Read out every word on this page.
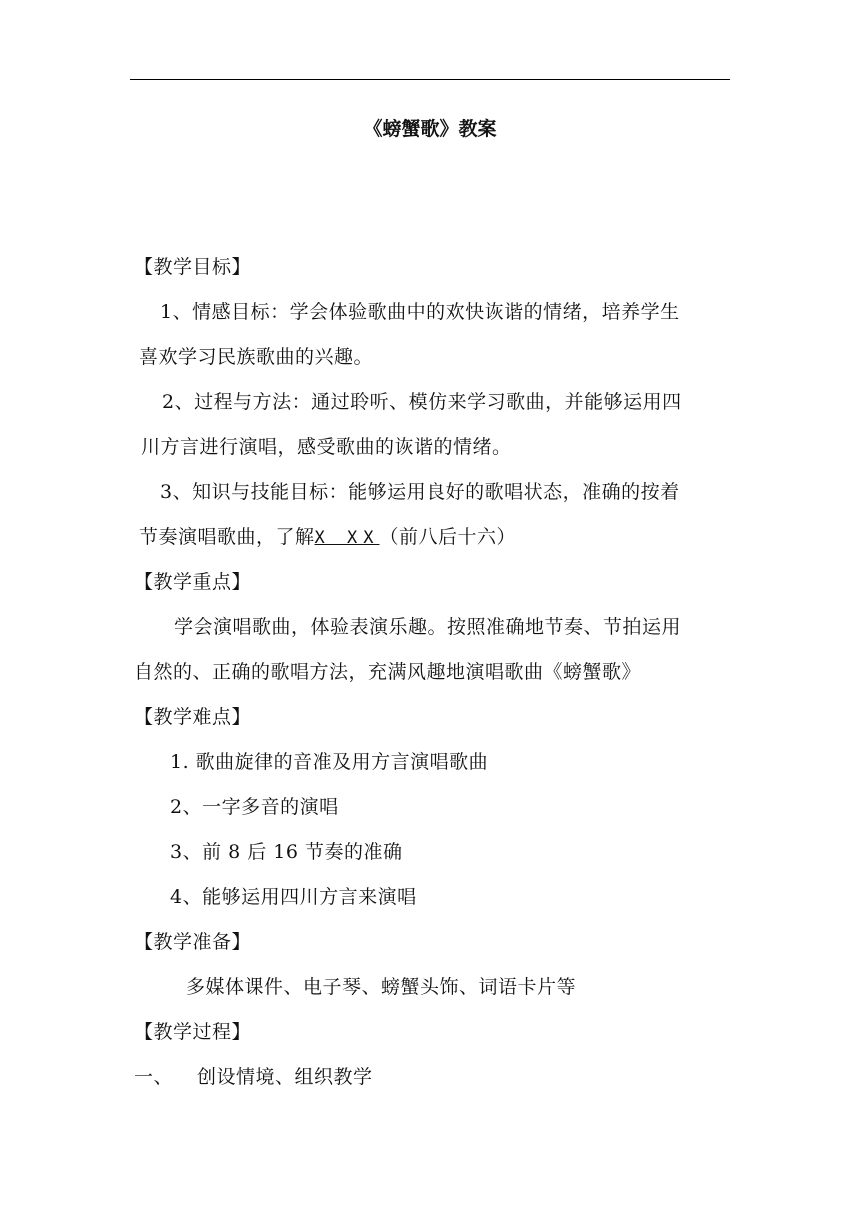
《螃蟹歌》教案
【教学目标】
1、情感目标：学会体验歌曲中的欢快诙谐的情绪，培养学生
喜欢学习民族歌曲的兴趣。
2、过程与方法：通过聆听、模仿来学习歌曲，并能够运用四
川方言进行演唱，感受歌曲的诙谐的情绪。
3、知识与技能目标：能够运用良好的歌唱状态，准确的按着
节奏演唱歌曲，了解X XX（前八后十六）
【教学重点】
学会演唱歌曲，体验表演乐趣。按照准确地节奏、节拍运用
自然的、正确的歌唱方法，充满风趣地演唱歌曲《螃蟹歌》
【教学难点】
1. 歌曲旋律的音准及用方言演唱歌曲
2、一字多音的演唱
3、前 8 后 16 节奏的准确
4、能够运用四川方言来演唱
【教学准备】
多媒体课件、电子琴、螃蟹头饰、词语卡片等
【教学过程】
一、 创设情境、组织教学
